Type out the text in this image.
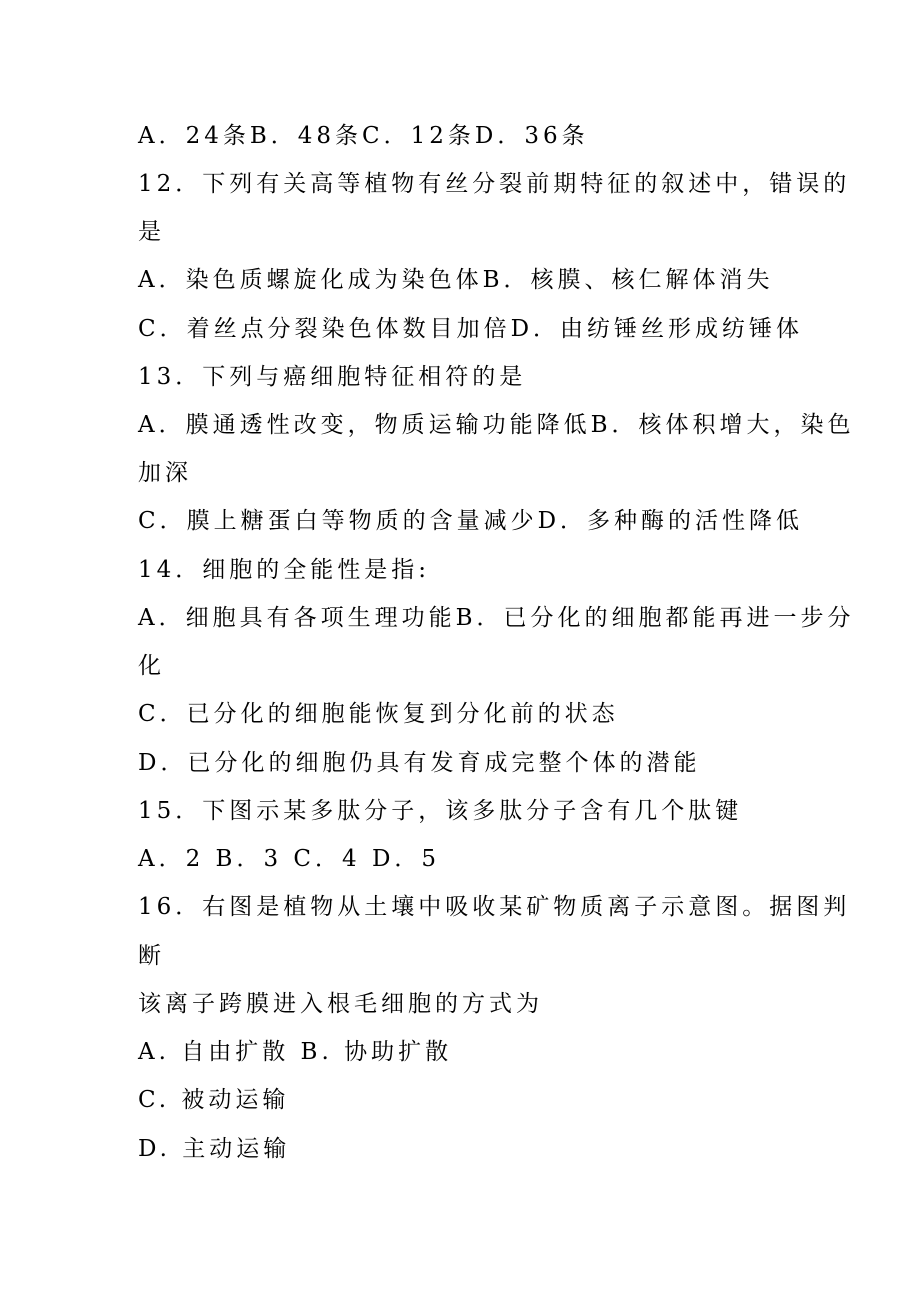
A．24条B．48条C．12条D．36条
12．下列有关高等植物有丝分裂前期特征的叙述中，错误的
是
A．染色质螺旋化成为染色体B．核膜、核仁解体消失
C．着丝点分裂染色体数目加倍D．由纺锤丝形成纺锤体
13．下列与癌细胞特征相符的是
A．膜通透性改变，物质运输功能降低B．核体积增大，染色
加深
C．膜上糖蛋白等物质的含量减少D．多种酶的活性降低
14．细胞的全能性是指:
A．细胞具有各项生理功能B．已分化的细胞都能再进一步分
化
C．已分化的细胞能恢复到分化前的状态
D．已分化的细胞仍具有发育成完整个体的潜能
15．下图示某多肽分子，该多肽分子含有几个肽键
A．2 B．3 C．4 D．5
16．右图是植物从土壤中吸收某矿物质离子示意图。据图判
断
该离子跨膜进入根毛细胞的方式为
A. 自由扩散 B. 协助扩散
C. 被动运输
D. 主动运输
